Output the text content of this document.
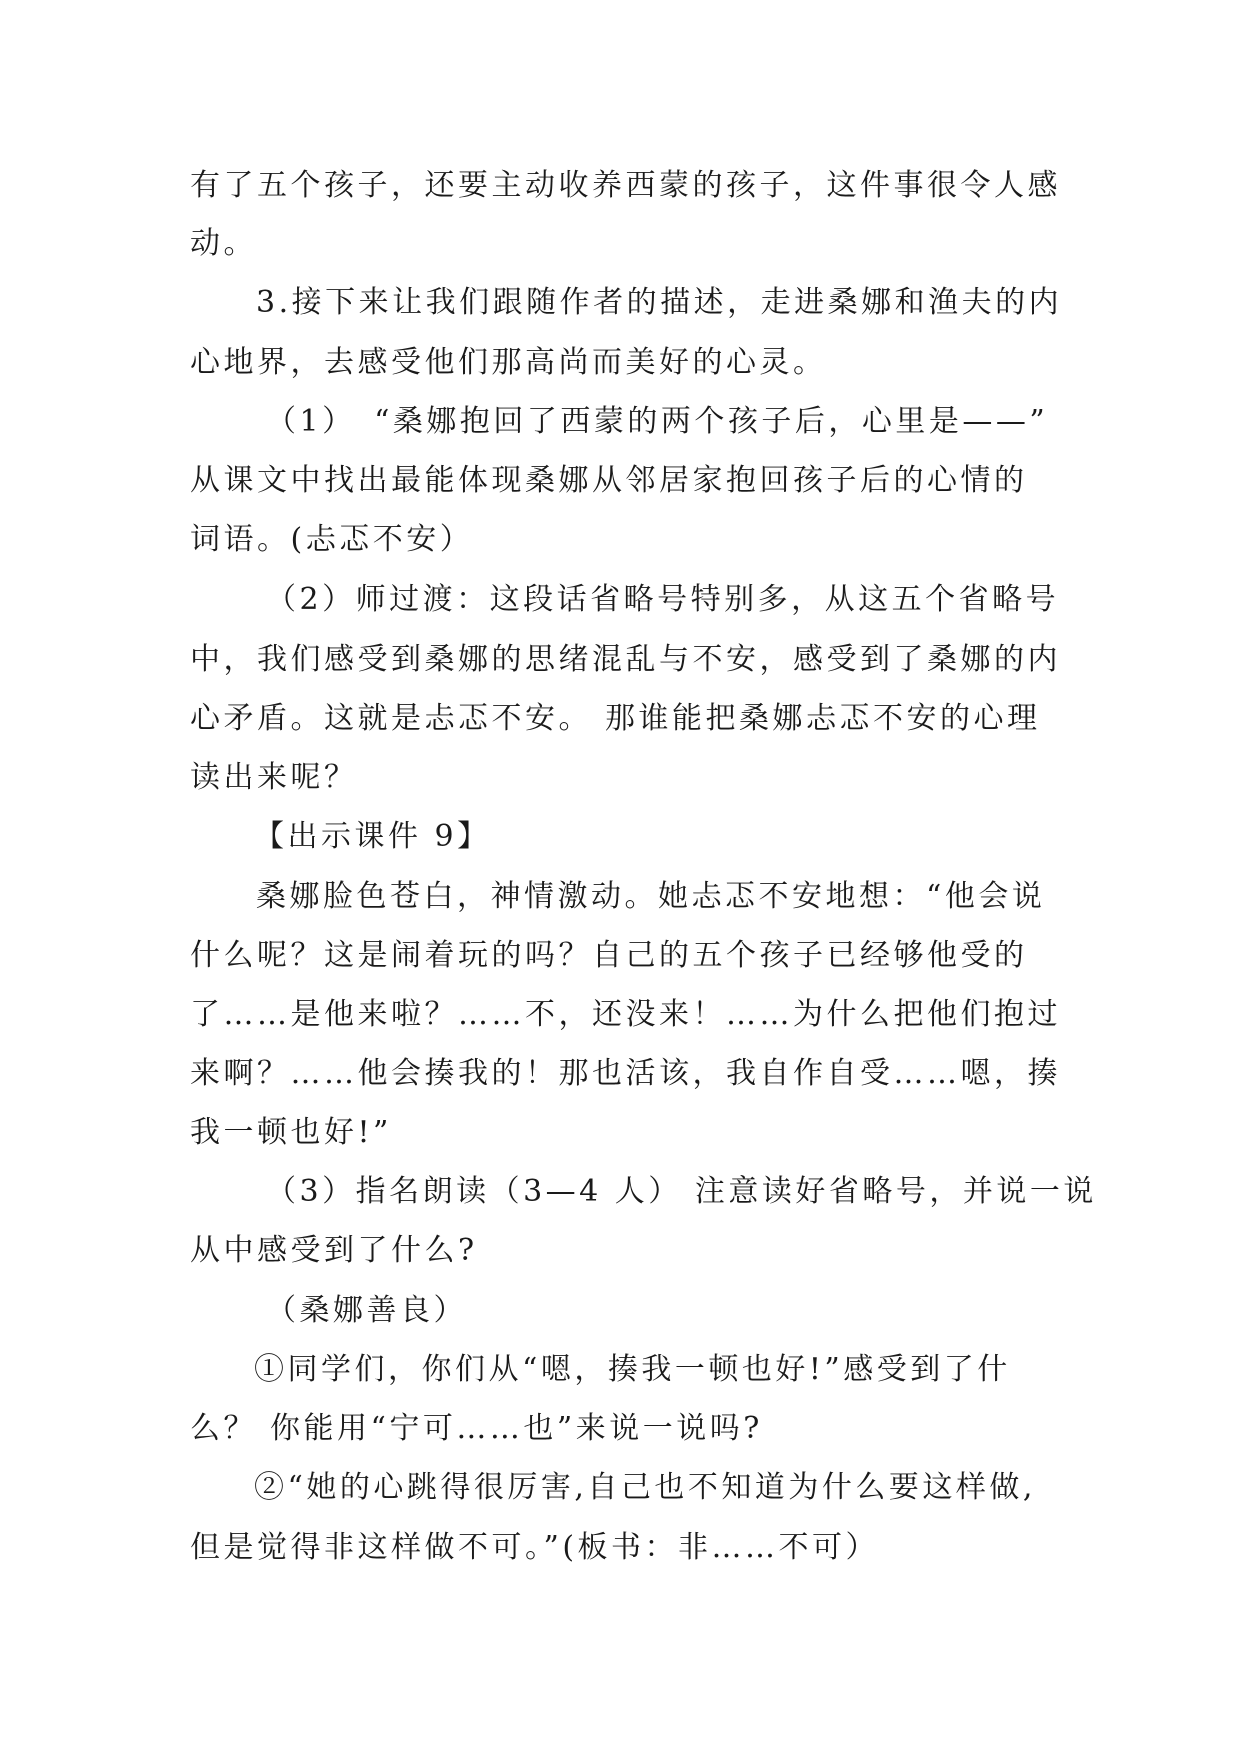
有了五个孩子，还要主动收养西蒙的孩子，这件事很令人感
动。
3.接下来让我们跟随作者的描述，走进桑娜和渔夫的内
心地界，去感受他们那高尚而美好的心灵。
（1）　“桑娜抱回了西蒙的两个孩子后，心里是——”
从课文中找出最能体现桑娜从邻居家抱回孩子后的心情的
词语。(忐忑不安）
（2）师过渡：这段话省略号特别多，从这五个省略号
中，我们感受到桑娜的思绪混乱与不安，感受到了桑娜的内
心矛盾。这就是忐忑不安。 那谁能把桑娜忐忑不安的心理
读出来呢？
【出示课件 9】
桑娜脸色苍白，神情激动。她忐忑不安地想：“他会说
什么呢？这是闹着玩的吗？自己的五个孩子已经够他受的
了……是他来啦？……不，还没来！……为什么把他们抱过
来啊？……他会揍我的！那也活该，我自作自受……嗯，揍
我一顿也好!”
（3）指名朗读（3—4 人） 注意读好省略号，并说一说
从中感受到了什么?
（桑娜善良）
①同学们，你们从“嗯，揍我一顿也好!”感受到了什
么？ 你能用“宁可……也”来说一说吗?
②“她的心跳得很厉害,自己也不知道为什么要这样做,
但是觉得非这样做不可。”(板书：非……不可）
